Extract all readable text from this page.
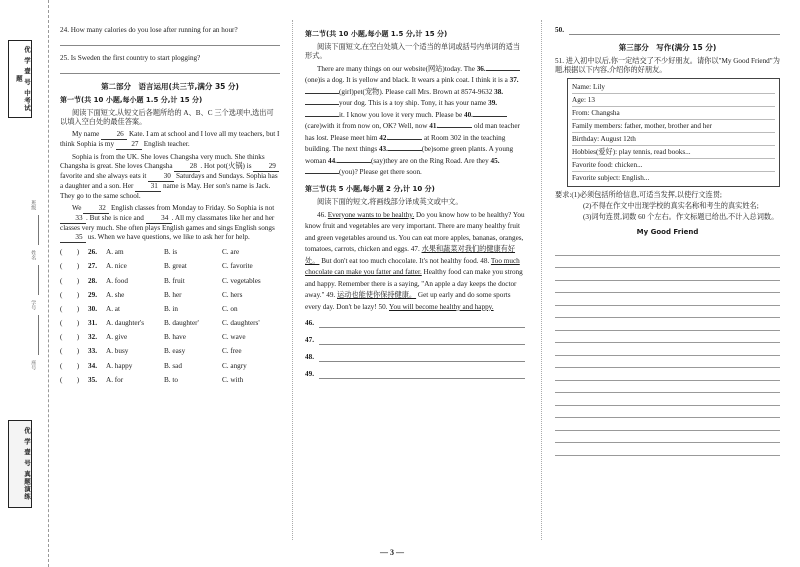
优 学 壹 号 中考试题
班级
姓名
学号
座号
优 学 壹 号 真题演练

24. How many calories do you lose after running for an hour?

25. Is Sweden the first country to start plogging?

第二部分　语言运用(共三节,满分 35 分)
第一节(共 10 小题,每小题 1.5 分,计 15 分)

阅读下面短文,从短文后各题所给的 A、B、C 三个选项中,选出可以填入空白处的最佳答案。

My name 26 Kate. I am at school and I love all my teachers, but I think Sophia is my 27 English teacher.

Sophia is from the UK. She loves Changsha very much. She thinks Changsha is great. She loves Changsha 28 . Hot pot(火锅) is 29 favorite and she always eats it 30 Saturdays and Sundays. Sophia has a daughter and a son. Her 31 name is May. Her son's name is Jack. They go to the same school.

We 32 English classes from Monday to Friday. So Sophia is not 33 . But she is nice and 34 . All my classmates like her and her classes very much. She often plays English games and sings English songs 35 us. When we have questions, we like to ask her for help.

(　　)	26.	A. am	B. is	C. are
(　　)	27.	A. nice	B. great	C. favorite
(　　)	28.	A. food	B. fruit	C. vegetables
(　　)	29.	A. she	B. her	C. hers
(　　)	30.	A. at	B. in	C. on
(　　)	31.	A. daughter's	B. daughter'	C. daughters'
(　　)	32.	A. give	B. have	C. wave
(　　)	33.	A. busy	B. easy	C. free
(　　)	34.	A. happy	B. sad	C. angry
(　　)	35.	A. for	B. to	C. with
第二节(共 10 小题,每小题 1.5 分,计 15 分)

阅读下面短文,在空白处填入一个适当的单词或括号内单词的适当形式。

There are many things on our website(网站)today. The 36.(one)is a dog. It is yellow and black. It wears a pink coat. I think it is a 37.(girl)pet(宠物). Please call Mrs. Brown at 8574-9632 38.your dog. This is a toy ship. Tony, it has your name 39.it. I know you love it very much. Please be 40.(care)with it from now on, OK? Well, now 41.	old man teacher has lost. Please meet him 42.	at Room 302 in the teaching building. The next things 43.	(be)some green plants. A young woman 44.	(say)they are on the Ring Road. Are they 45.(you)? Please get there soon.

第三节(共 5 小题,每小题 2 分,计 10 分)

阅读下面的短文,将画线部分译成英文或中文。

46. Everyone wants to be healthy. Do you know how to be healthy? You know fruit and vegetables are very important. There are many healthy fruit and green vegetables around us. You can eat more apples, bananas, oranges, tomatoes, carrots, chicken and eggs. 47. 水果和蔬菜对我们的健康有好处。 But don't eat too much chocolate. It's not healthy food. 48. Too much chocolate can make you fatter and fatter. Healthy food can make you strong and happy. Remember there is a saying, "An apple a day keeps the doctor away." 49. 运动也能使你保持健康。 Get up early and do some sports every day. Don't be lazy! 50. You will become healthy and happy.

46.
47.
48.
49.
50.
第三部分　写作(满分 15 分)

51. 进入初中以后,你一定结交了不少好朋友。请你以"My Good Friend"为题,根据以下内容,介绍你的好朋友。

Name: Lily
Age: 13
From: Changsha
Family members: father, mother, brother and her
Birthday: August 12th
Hobbies(爱好): play tennis, read books...
Favorite food: chicken...
Favorite subject: English...

要求:(1)必须包括所给信息,可适当发挥,以使行文连贯;

(2)不得在作文中出现学校的真实名称和考生的真实姓名;

(3)词句连贯,词数 60 个左右。作文标题已给出,不计入总词数。

My Good Friend
— 3 —
